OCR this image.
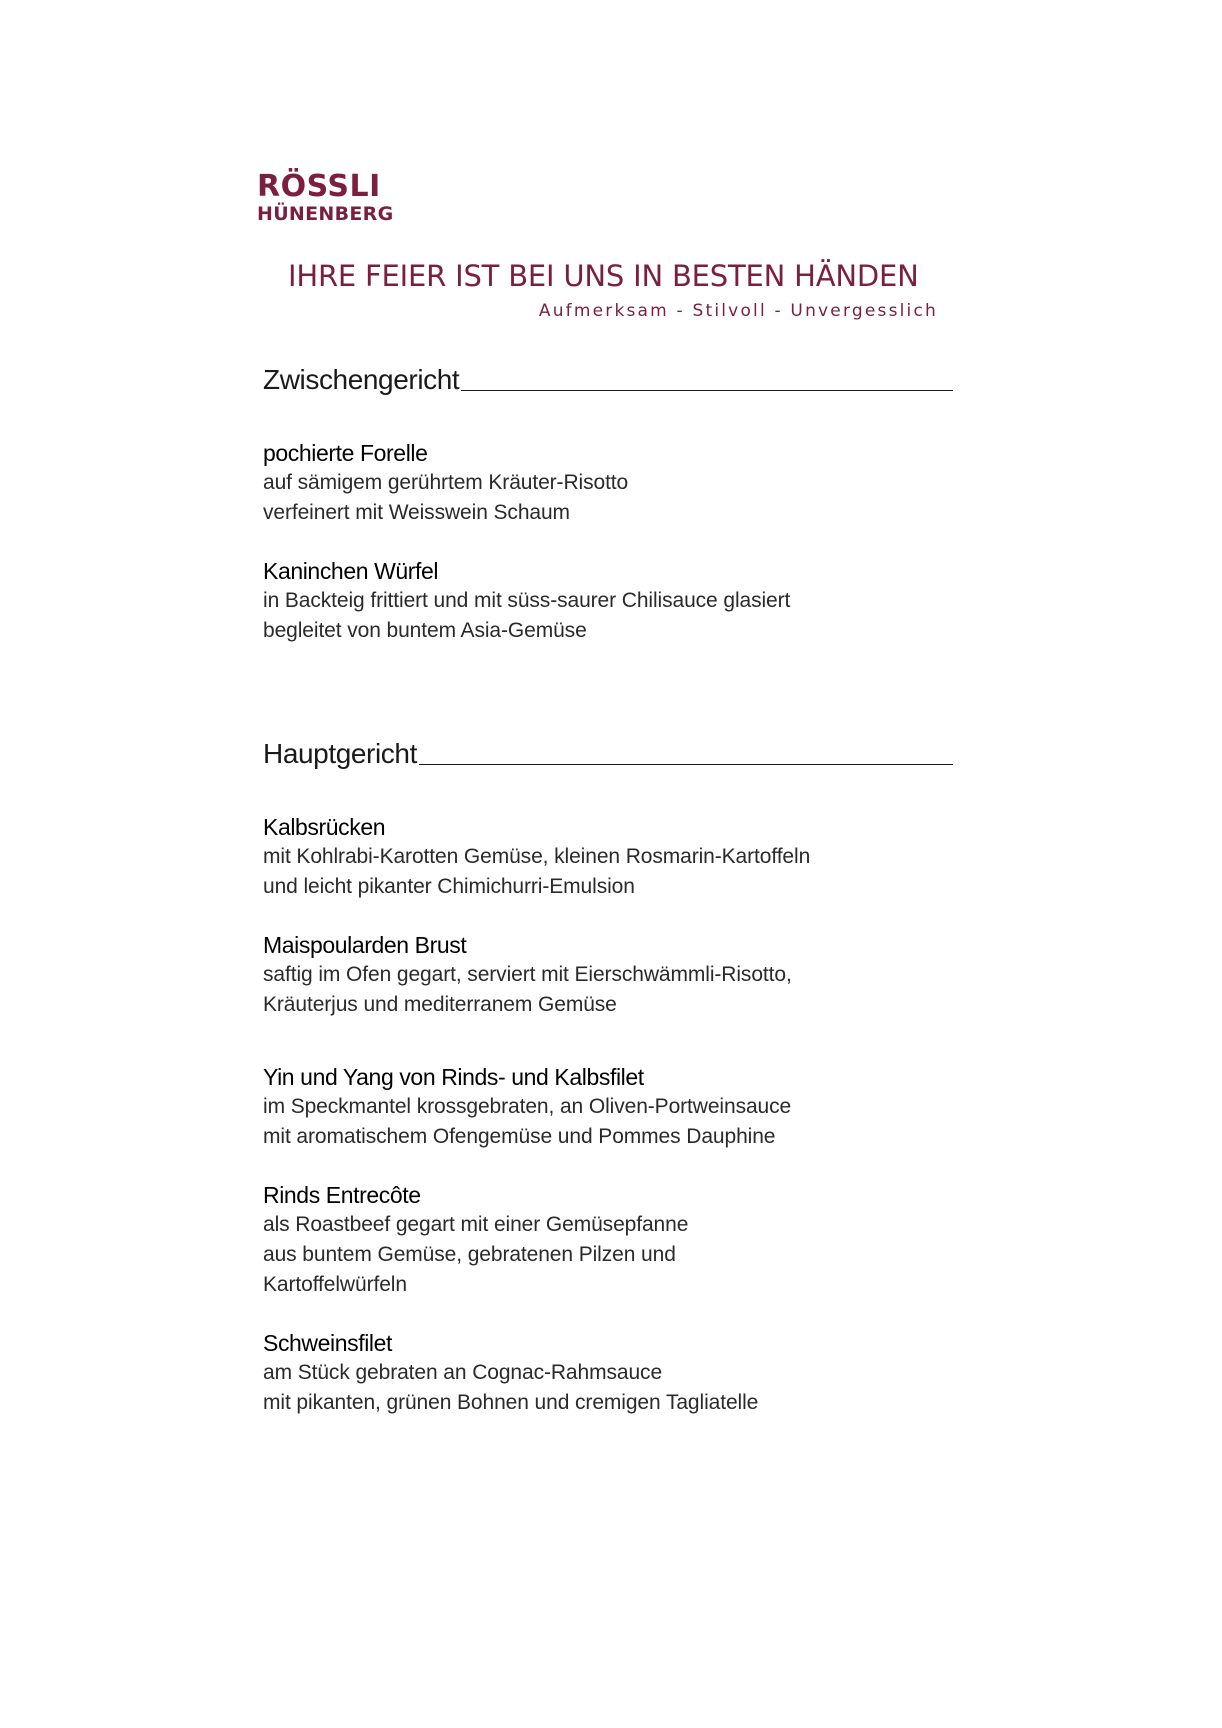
RÖSSLI
HÜNENBERG
IHRE FEIER IST BEI UNS IN BESTEN HÄNDEN
Aufmerksam - Stilvoll - Unvergesslich
Zwischengericht
pochierte Forelle
auf sämigem gerührtem Kräuter-Risotto
verfeinert mit Weisswein Schaum
Kaninchen Würfel
in Backteig frittiert und mit süss-saurer Chilisauce glasiert
begleitet von buntem Asia-Gemüse
Hauptgericht
Kalbsrücken
mit Kohlrabi-Karotten Gemüse, kleinen Rosmarin-Kartoffeln
und leicht pikanter Chimichurri-Emulsion
Maispoularden Brust
saftig im Ofen gegart, serviert mit Eierschwämmli-Risotto,
Kräuterjus und mediterranem Gemüse
Yin und Yang von Rinds- und Kalbsfilet
im Speckmantel krossgebraten, an Oliven-Portweinsauce
mit aromatischem Ofengemüse und Pommes Dauphine
Rinds Entrecôte
als Roastbeef gegart mit einer Gemüsepfanne
aus buntem Gemüse, gebratenen Pilzen und
Kartoffelwürfeln
Schweinsfilet
am Stück gebraten an Cognac-Rahmsauce
mit pikanten, grünen Bohnen und cremigen Tagliatelle
